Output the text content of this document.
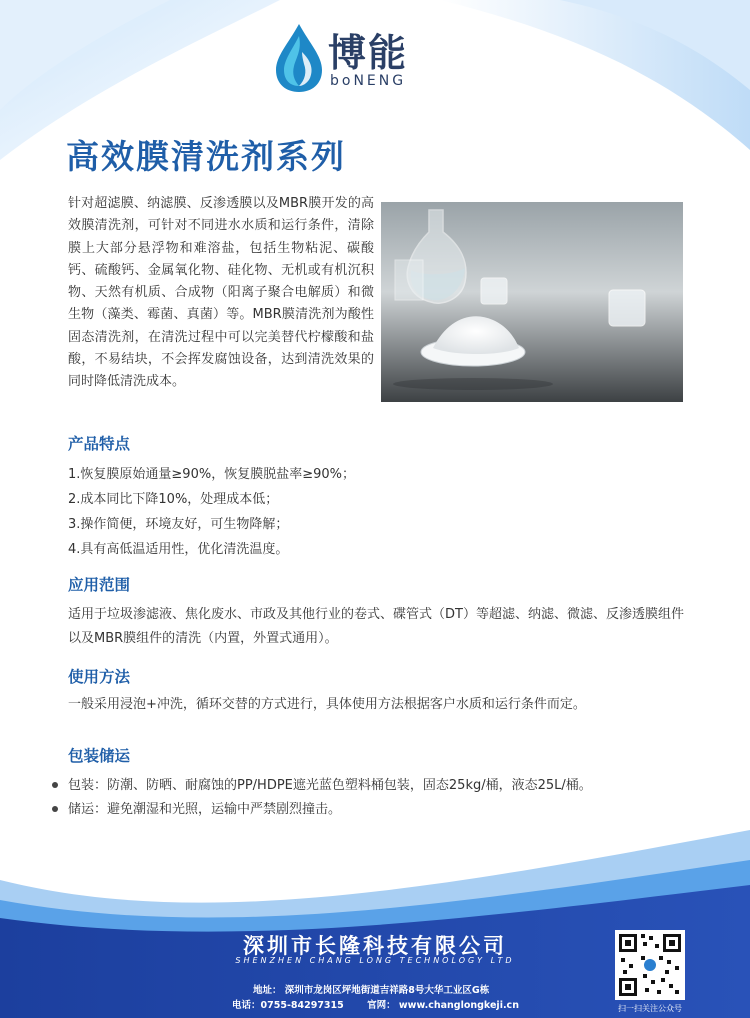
博能
boNENG
高效膜清洗剂系列
针对超滤膜、纳滤膜、反渗透膜以及MBR膜开发的高效膜清洗剂，可针对不同进水水质和运行条件，清除膜上大部分悬浮物和难溶盐，包括生物粘泥、碳酸钙、硫酸钙、金属氧化物、硅化物、无机或有机沉积物、天然有机质、合成物（阳离子聚合电解质）和微生物（藻类、霉菌、真菌）等。MBR膜清洗剂为酸性固态清洗剂，在清洗过程中可以完美替代柠檬酸和盐酸，不易结块，不会挥发腐蚀设备，达到清洗效果的同时降低清洗成本。
产品特点
1.恢复膜原始通量≥90%，恢复膜脱盐率≥90%；
2.成本同比下降10%，处理成本低；
3.操作简便，环境友好，可生物降解；
4.具有高低温适用性，优化清洗温度。
应用范围
适用于垃圾渗滤液、焦化废水、市政及其他行业的卷式、碟管式（DT）等超滤、纳滤、微滤、反渗透膜组件以及MBR膜组件的清洗（内置，外置式通用）。
使用方法
一般采用浸泡+冲洗，循环交替的方式进行，具体使用方法根据客户水质和运行条件而定。
包装储运
包装：防潮、防晒、耐腐蚀的PP/HDPE遮光蓝色塑料桶包装，固态25kg/桶，液态25L/桶。
储运：避免潮湿和光照，运输中严禁剧烈撞击。
深圳市长隆科技有限公司
SHENZHEN CHANG LONG TECHNOLOGY LTD
地址： 深圳市龙岗区坪地街道吉祥路8号大华工业区G栋
电话：0755-84297315 官网： www.changlongkeji.cn	扫一扫关注公众号
